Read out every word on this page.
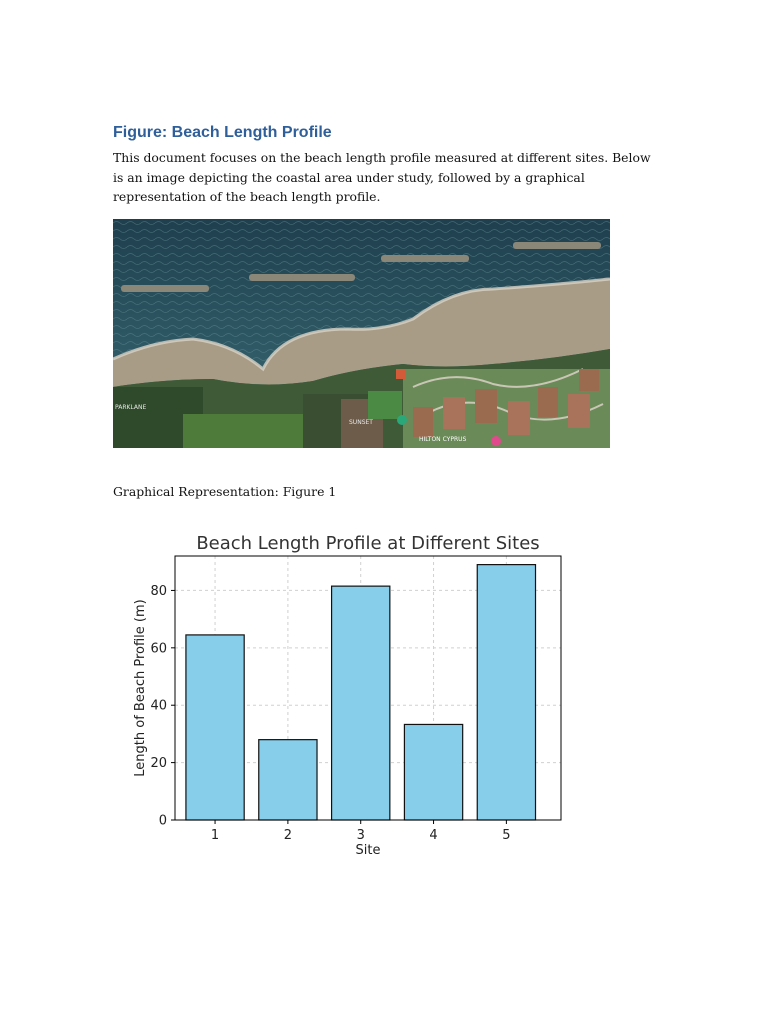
Figure: Beach Length Profile
This document focuses on the beach length profile measured at different sites. Below is an image depicting the coastal area under study, followed by a graphical representation of the beach length profile.
PARKLANE
SUNSET
HILTON CYPRUS
Graphical Representation: Figure 1
Beach Length Profile at Different Sites
0
20
40
60
80
1	2	3	4	5
Site
Length of Beach Profile (m)
